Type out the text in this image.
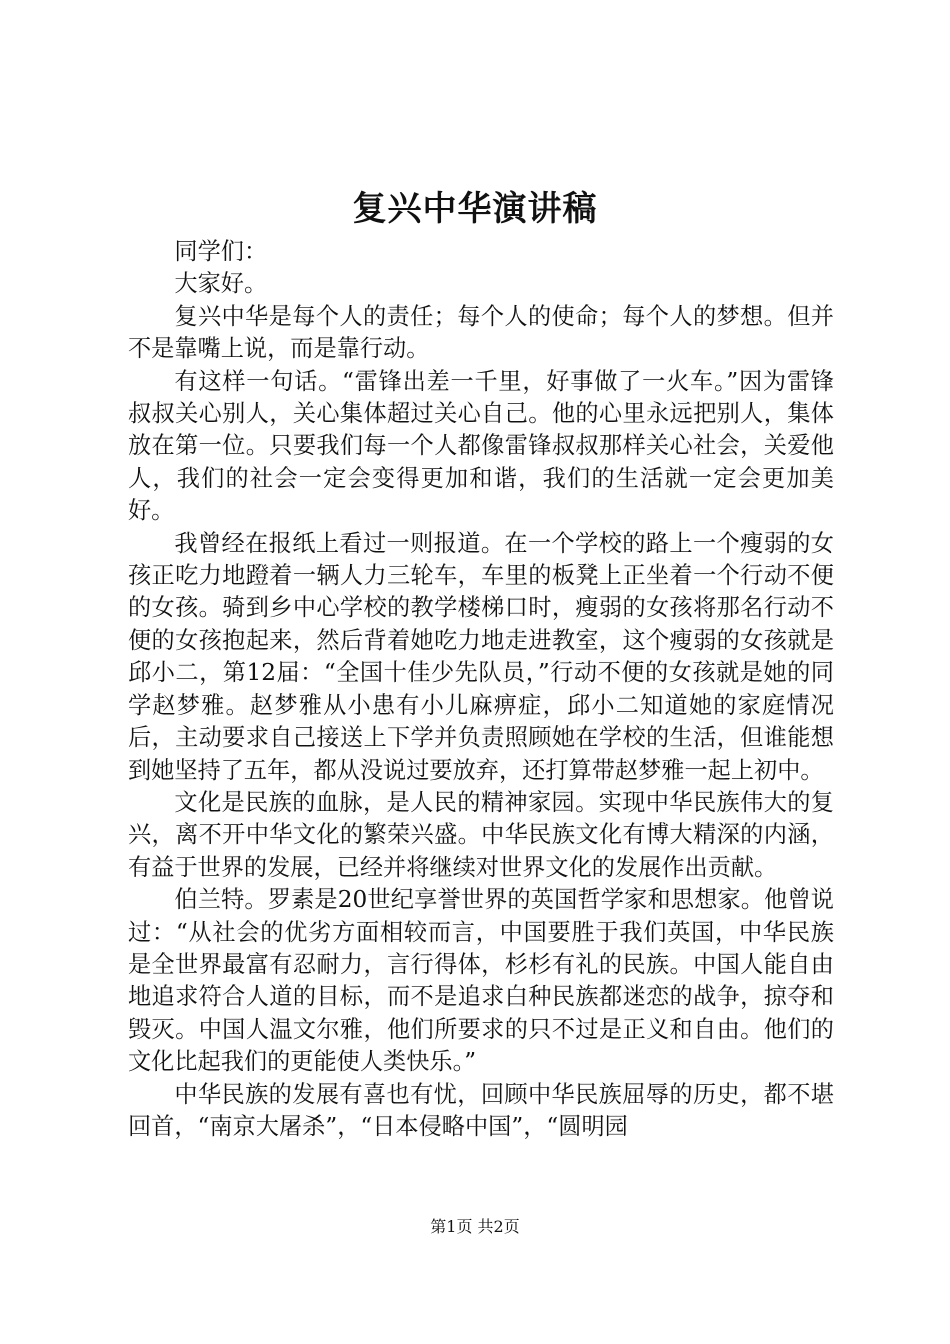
复兴中华演讲稿

同学们：

大家好。

复兴中华是每个人的责任；每个人的使命；每个人的梦想。但并不是靠嘴上说，而是靠行动。

有这样一句话。“雷锋出差一千里，好事做了一火车。”因为雷锋叔叔关心别人，关心集体超过关心自己。他的心里永远把别人，集体放在第一位。只要我们每一个人都像雷锋叔叔那样关心社会，关爱他人，我们的社会一定会变得更加和谐，我们的生活就一定会更加美好。

我曾经在报纸上看过一则报道。在一个学校的路上一个瘦弱的女孩正吃力地蹬着一辆人力三轮车，车里的板凳上正坐着一个行动不便的女孩。骑到乡中心学校的教学楼梯口时，瘦弱的女孩将那名行动不便的女孩抱起来，然后背着她吃力地走进教室，这个瘦弱的女孩就是邱小二，第12届：“全国十佳少先队员，”行动不便的女孩就是她的同学赵梦雅。赵梦雅从小患有小儿麻痹症，邱小二知道她的家庭情况后，主动要求自己接送上下学并负责照顾她在学校的生活，但谁能想到她坚持了五年，都从没说过要放弃，还打算带赵梦雅一起上初中。

文化是民族的血脉，是人民的精神家园。实现中华民族伟大的复兴，离不开中华文化的繁荣兴盛。中华民族文化有博大精深的内涵，有益于世界的发展，已经并将继续对世界文化的发展作出贡献。

伯兰特。罗素是20世纪享誉世界的英国哲学家和思想家。他曾说过：“从社会的优劣方面相较而言，中国要胜于我们英国，中华民族是全世界最富有忍耐力，言行得体，杉杉有礼的民族。中国人能自由地追求符合人道的目标，而不是追求白种民族都迷恋的战争，掠夺和毁灭。中国人温文尔雅，他们所要求的只不过是正义和自由。他们的文化比起我们的更能使人类快乐。”

中华民族的发展有喜也有忧，回顾中华民族屈辱的历史，都不堪回首，“南京大屠杀”，“日本侵略中国”，“圆明园

第1页 共2页
